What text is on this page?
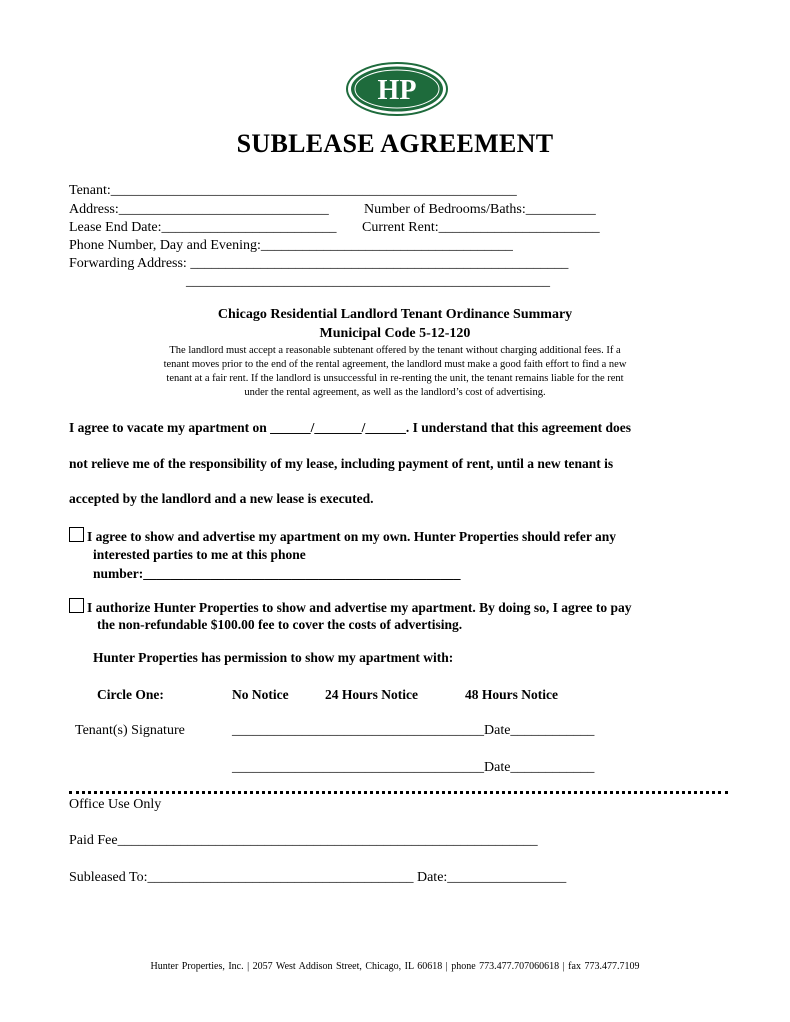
HP
SUBLEASE AGREEMENT
Tenant:__________________________________________________________
Address:______________________________	Number of Bedrooms/Baths:__________
Lease End Date:_________________________ Current Rent:_______________________
Phone Number, Day and Evening:____________________________________
Forwarding Address: ______________________________________________________
____________________________________________________
Chicago Residential Landlord Tenant Ordinance Summary
Municipal Code 5-12-120
The landlord must accept a reasonable subtenant offered by the tenant without charging additional fees. If a
tenant moves prior to the end of the rental agreement, the landlord must make a good faith effort to find a new
tenant at a fair rent. If the landlord is unsuccessful in re-renting the unit, the tenant remains liable for the rent
under the rental agreement, as well as the landlord’s cost of advertising.
I agree to vacate my apartment on ______/_______/______. I understand that this agreement does
not relieve me of the responsibility of my lease, including payment of rent, until a new tenant is
accepted by the landlord and a new lease is executed.
I agree to show and advertise my apartment on my own. Hunter Properties should refer any
interested parties to me at this phone
number:_______________________________________________
I authorize Hunter Properties to show and advertise my apartment. By doing so, I agree to pay
the non-refundable $100.00 fee to cover the costs of advertising.
Hunter Properties has permission to show my apartment with:
Circle One:	No Notice	24 Hours Notice	48 Hours Notice
Tenant(s) Signature	____________________________________Date____________
____________________________________Date____________
Office Use Only
Paid Fee____________________________________________________________
Subleased To:______________________________________ Date:_________________
Hunter Properties, Inc. | 2057 West Addison Street, Chicago, IL 60618 | phone 773.477.707060618 | fax 773.477.7109
